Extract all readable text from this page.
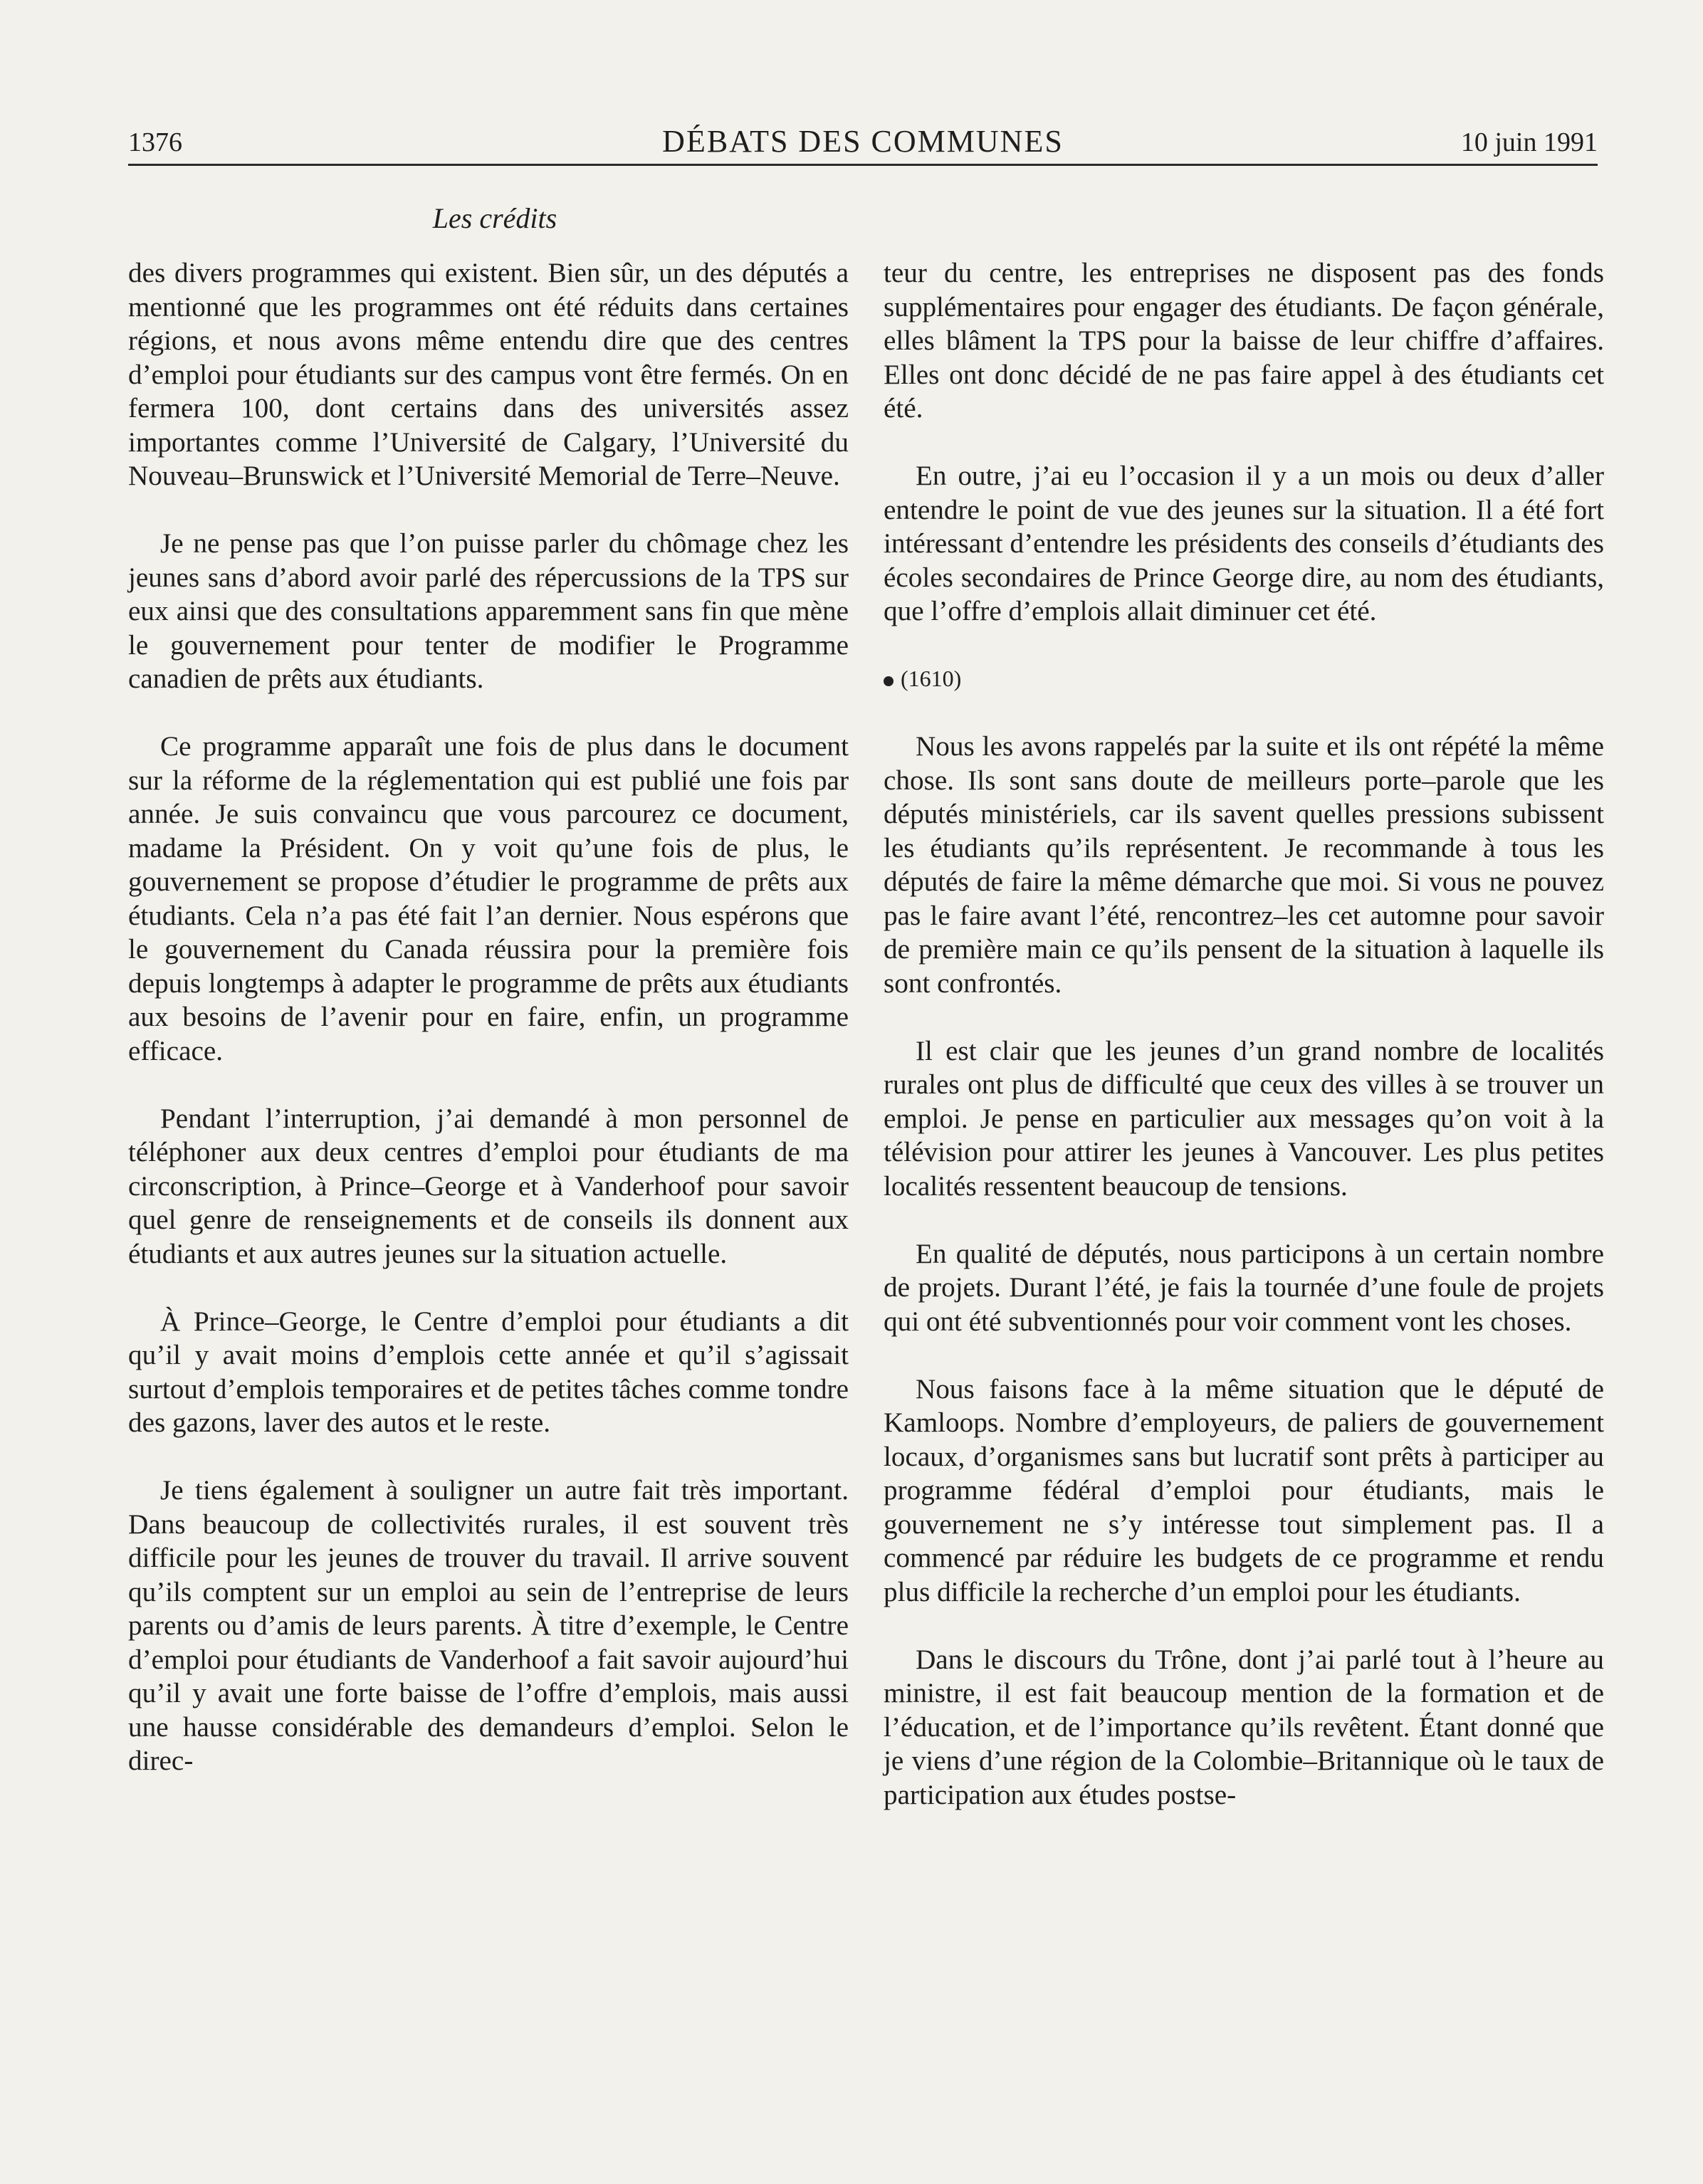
1376	DÉBATS DES COMMUNES	10 juin 1991
Les crédits

des divers programmes qui existent. Bien sûr, un des députés a mentionné que les programmes ont été réduits dans certaines régions, et nous avons même entendu dire que des centres d’emploi pour étudiants sur des campus vont être fermés. On en fermera 100, dont certains dans des universités assez importantes comme l’Université de Calgary, l’Université du Nouveau–Brunswick et l’Université Memorial de Terre–Neuve.

Je ne pense pas que l’on puisse parler du chômage chez les jeunes sans d’abord avoir parlé des répercussions de la TPS sur eux ainsi que des consultations apparemment sans fin que mène le gouvernement pour tenter de modifier le Programme canadien de prêts aux étudiants.

Ce programme apparaît une fois de plus dans le document sur la réforme de la réglementation qui est publié une fois par année. Je suis convaincu que vous parcourez ce document, madame la Président. On y voit qu’une fois de plus, le gouvernement se propose d’étudier le programme de prêts aux étudiants. Cela n’a pas été fait l’an dernier. Nous espérons que le gouvernement du Canada réussira pour la première fois depuis longtemps à adapter le programme de prêts aux étudiants aux besoins de l’avenir pour en faire, enfin, un programme efficace.

Pendant l’interruption, j’ai demandé à mon personnel de téléphoner aux deux centres d’emploi pour étudiants de ma circonscription, à Prince–George et à Vanderhoof pour savoir quel genre de renseignements et de conseils ils donnent aux étudiants et aux autres jeunes sur la situation actuelle.

À Prince–George, le Centre d’emploi pour étudiants a dit qu’il y avait moins d’emplois cette année et qu’il s’agissait surtout d’emplois temporaires et de petites tâches comme tondre des gazons, laver des autos et le reste.

Je tiens également à souligner un autre fait très important. Dans beaucoup de collectivités rurales, il est souvent très difficile pour les jeunes de trouver du travail. Il arrive souvent qu’ils comptent sur un emploi au sein de l’entreprise de leurs parents ou d’amis de leurs parents. À titre d’exemple, le Centre d’emploi pour étudiants de Vanderhoof a fait savoir aujourd’hui qu’il y avait une forte baisse de l’offre d’emplois, mais aussi une hausse considérable des demandeurs d’emploi. Selon le direc-

teur du centre, les entreprises ne disposent pas des fonds supplémentaires pour engager des étudiants. De façon générale, elles blâment la TPS pour la baisse de leur chiffre d’affaires. Elles ont donc décidé de ne pas faire appel à des étudiants cet été.

En outre, j’ai eu l’occasion il y a un mois ou deux d’aller entendre le point de vue des jeunes sur la situation. Il a été fort intéressant d’entendre les présidents des conseils d’étudiants des écoles secondaires de Prince George dire, au nom des étudiants, que l’offre d’emplois allait diminuer cet été.

(1610)

Nous les avons rappelés par la suite et ils ont répété la même chose. Ils sont sans doute de meilleurs porte–parole que les députés ministériels, car ils savent quelles pressions subissent les étudiants qu’ils représentent. Je recommande à tous les députés de faire la même démarche que moi. Si vous ne pouvez pas le faire avant l’été, rencontrez–les cet automne pour savoir de première main ce qu’ils pensent de la situation à laquelle ils sont confrontés.

Il est clair que les jeunes d’un grand nombre de localités rurales ont plus de difficulté que ceux des villes à se trouver un emploi. Je pense en particulier aux messages qu’on voit à la télévision pour attirer les jeunes à Vancouver. Les plus petites localités ressentent beaucoup de tensions.

En qualité de députés, nous participons à un certain nombre de projets. Durant l’été, je fais la tournée d’une foule de projets qui ont été subventionnés pour voir comment vont les choses.

Nous faisons face à la même situation que le député de Kamloops. Nombre d’employeurs, de paliers de gouvernement locaux, d’organismes sans but lucratif sont prêts à participer au programme fédéral d’emploi pour étudiants, mais le gouvernement ne s’y intéresse tout simplement pas. Il a commencé par réduire les budgets de ce programme et rendu plus difficile la recherche d’un emploi pour les étudiants.

Dans le discours du Trône, dont j’ai parlé tout à l’heure au ministre, il est fait beaucoup mention de la formation et de l’éducation, et de l’importance qu’ils revêtent. Étant donné que je viens d’une région de la Colombie–Britannique où le taux de participation aux études postse-
